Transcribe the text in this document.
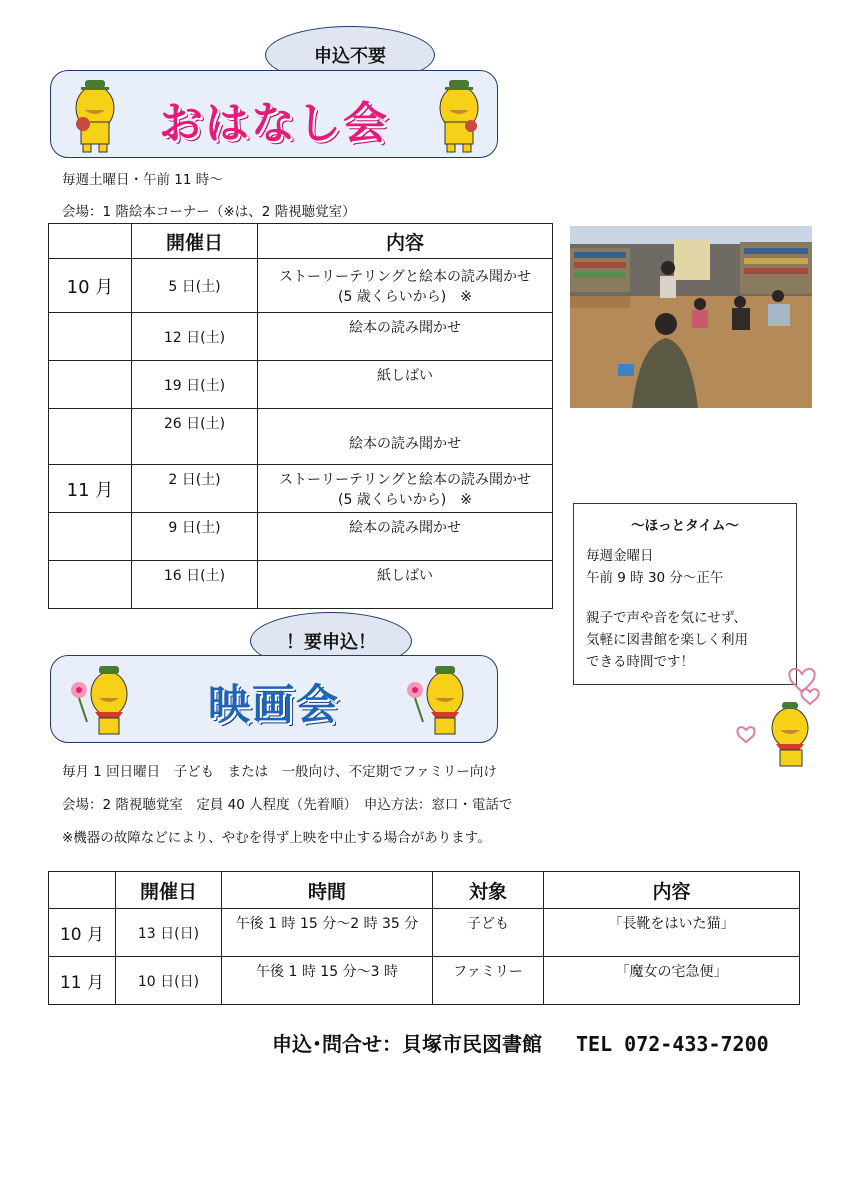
申込不要
おはなし会
毎週土曜日・午前 11 時～
会場：1 階絵本コーナー（※は、2 階視聴覚室）
	開催日	内容
10 月	5 日(土)	ストーリーテリングと絵本の読み聞かせ
(5 歳くらいから)　※

	12 日(土)	絵本の読み聞かせ
	19 日(土)	紙しばい
	26 日(土)	絵本の読み聞かせ
11 月	2 日(土)	ストーリーテリングと絵本の読み聞かせ
(5 歳くらいから)　※

	9 日(土)	絵本の読み聞かせ
	16 日(土)	紙しばい
～ほっとタイム～
毎週金曜日
午前 9 時 30 分～正午
親子で声や音を気にせず、
気軽に図書館を楽しく利用
できる時間です！
！要申込！
映画会
毎月 1 回日曜日　子ども　または　一般向け、不定期でファミリー向け
会場：2 階視聴覚室　定員 40 人程度（先着順）　申込方法：窓口・電話で
※機器の故障などにより、やむを得ず上映を中止する場合があります。
	開催日	時間	対象	内容
10 月	13 日(日)	午後 1 時 15 分～2 時 35 分	子ども	「長靴をはいた猫」
11 月	10 日(日)	午後 1 時 15 分～3 時	ファミリー	「魔女の宅急便」
申込･問合せ：貝塚市民図書館 TEL 072-433-7200
